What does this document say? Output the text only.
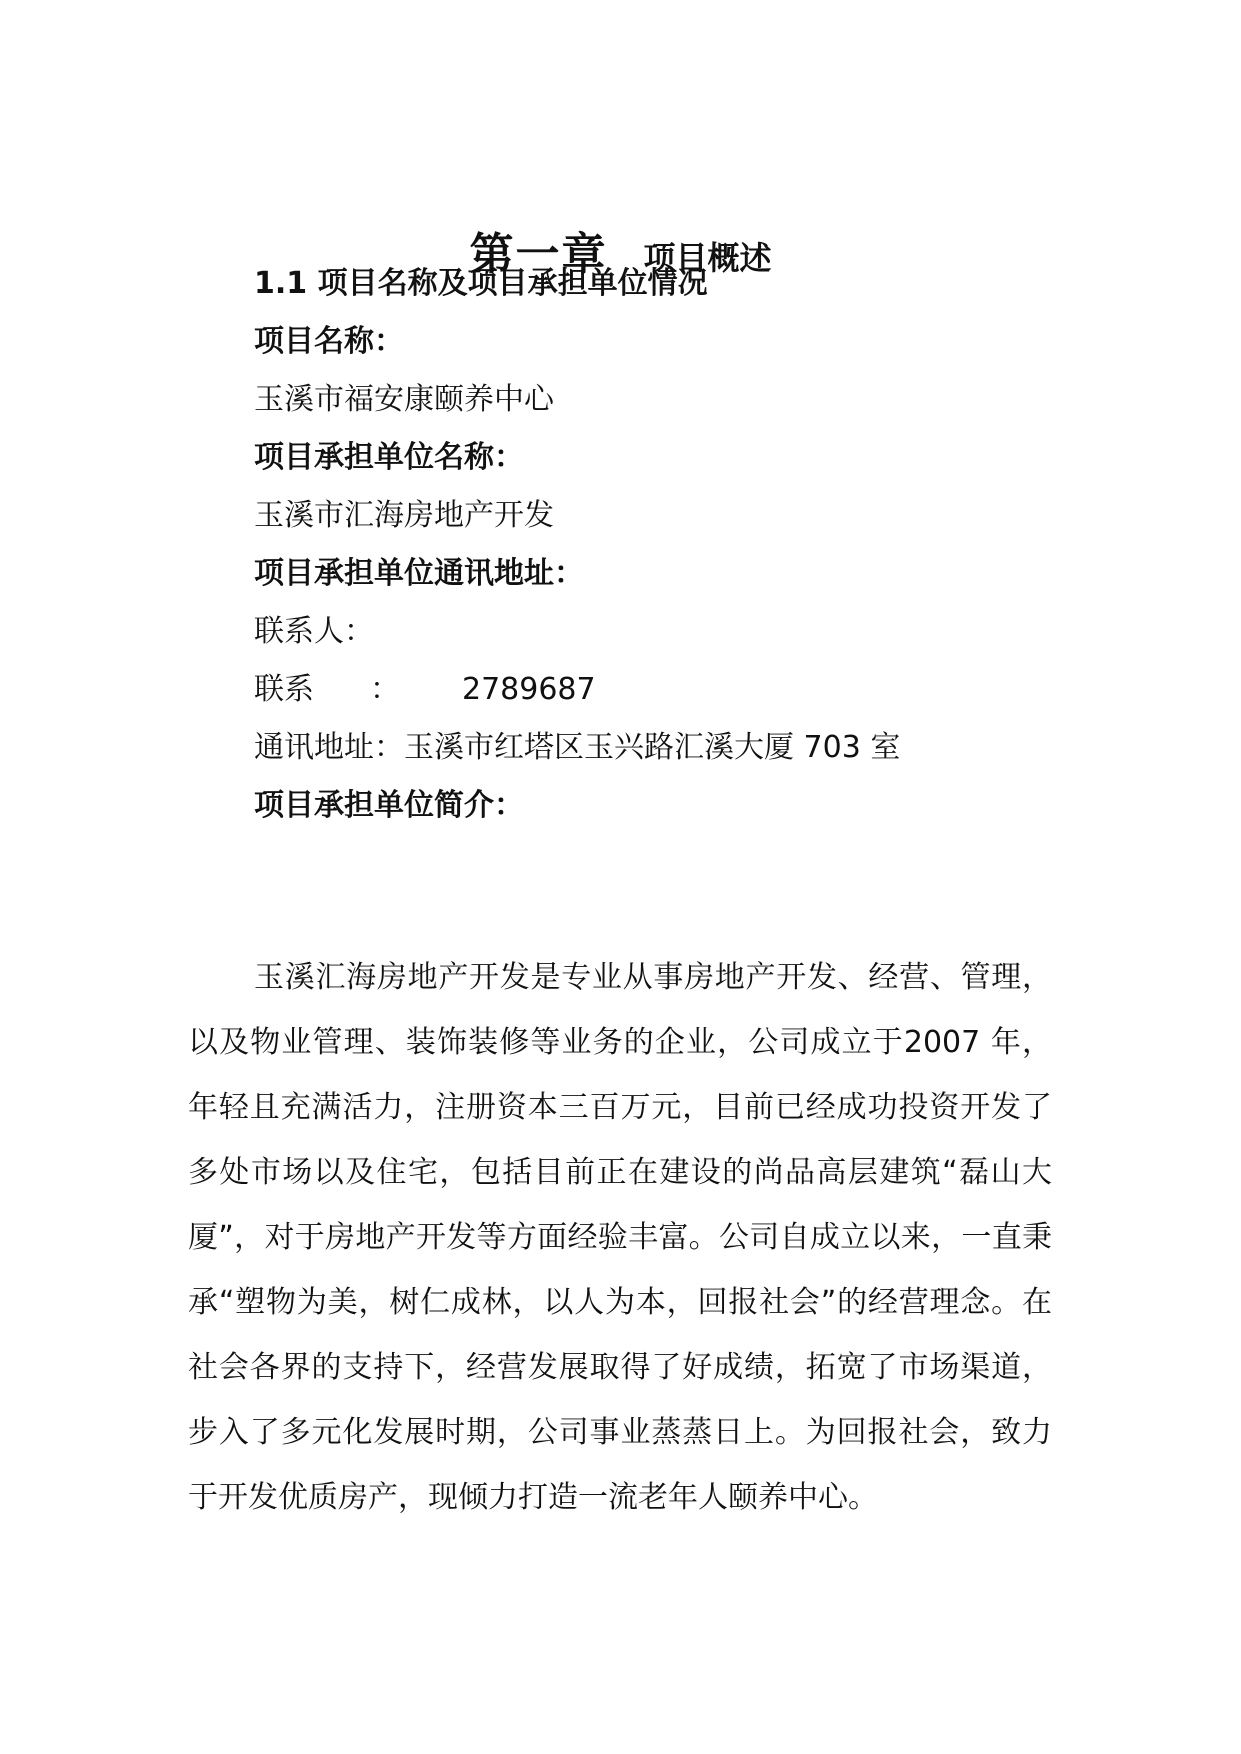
第一章 项目概述
1.1 项目名称及项目承担单位情况
项目名称：
玉溪市福安康颐养中心
项目承担单位名称：
玉溪市汇海房地产开发
项目承担单位通讯地址：
联系人：
联系 ： 2789687
通讯地址：玉溪市红塔区玉兴路汇溪大厦 703 室
项目承担单位简介：

玉溪汇海房地产开发是专业从事房地产开发、经营、管理，以及物业管理、装饰装修等业务的企业，公司成立于2007 年，年轻且充满活力，注册资本三百万元，目前已经成功投资开发了多处市场以及住宅，包括目前正在建设的尚品高层建筑“磊山大厦”，对于房地产开发等方面经验丰富。公司自成立以来，一直秉承“塑物为美，树仁成林，以人为本，回报社会”的经营理念。在社会各界的支持下，经营发展取得了好成绩，拓宽了市场渠道，步入了多元化发展时期，公司事业蒸蒸日上。为回报社会，致力于开发优质房产，现倾力打造一流老年人颐养中心。
